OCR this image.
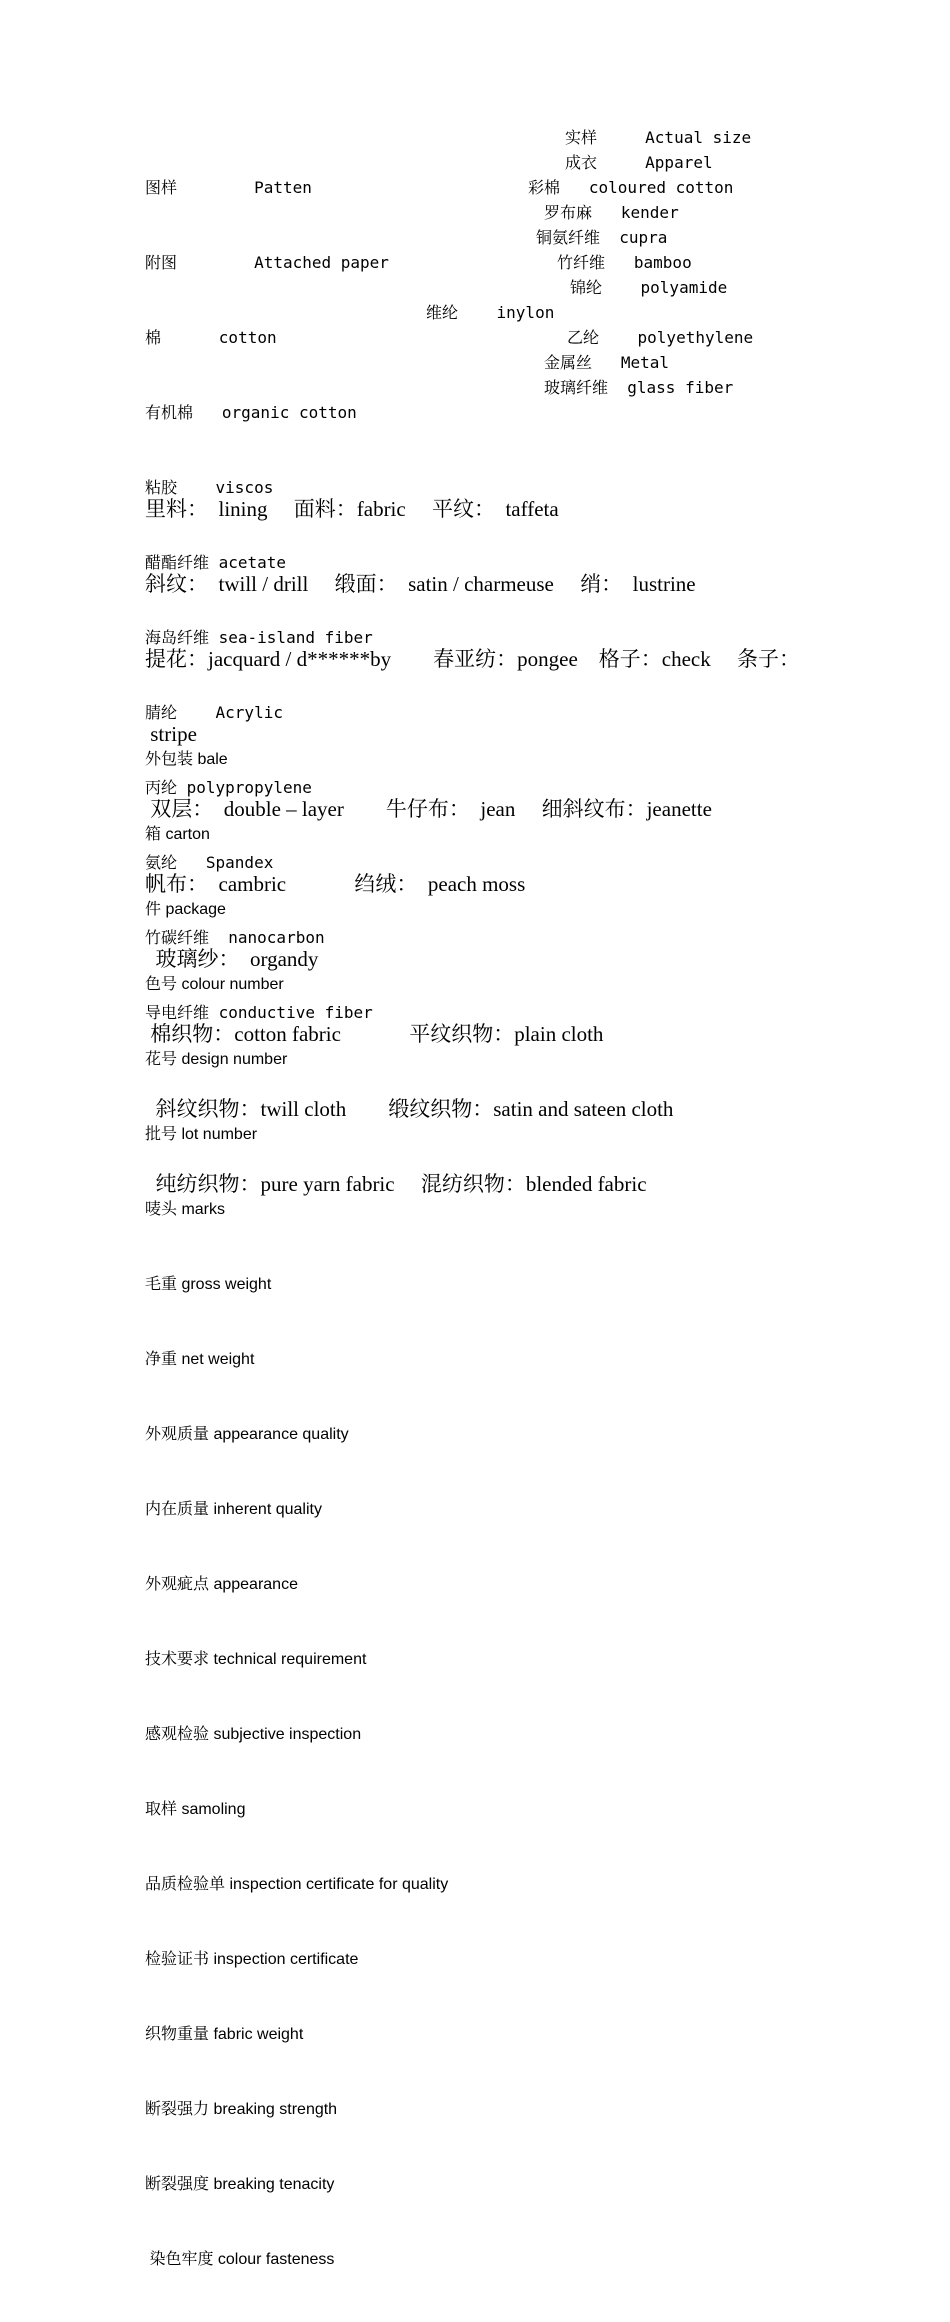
图样        Patten

附图        Attached paper

棉      cotton

有机棉   organic cotton

粘胶    viscos

醋酯纤维 acetate

海岛纤维 sea-island fiber

腈纶    Acrylic

丙纶 polypropylene

氨纶   Spandex

竹碳纤维  nanocarbon

导电纤维 conductive fiber

实样     Actual size
成衣     Apparel
彩棉   coloured cotton
罗布麻   kender
铜氨纤维  cupra
竹纤维   bamboo
锦纶    polyamide
维纶    inylon
乙纶    polyethylene
金属丝   Metal
玻璃纤维  glass fiber

里料：  lining     面料：fabric     平纹：  taffeta

斜纹：  twill / drill     缎面：  satin / charmeuse     绡：  lustrine

提花：jacquard / d******by        春亚纺：pongee    格子：check     条子：

stripe

双层：  double – layer        牛仔布：  jean     细斜纹布：jeanette

帆布：  cambric             绉绒：  peach moss

玻璃纱：  organdy

棉织物：cotton fabric             平纹织物：plain cloth

斜纹织物：twill cloth        缎纹织物：satin and sateen cloth

纯纺织物：pure yarn fabric     混纺织物：blended fabric

外包装 bale

箱 carton

件 package

色号 colour number

花号 design number

批号 lot number

唛头 marks

毛重 gross weight

净重 net weight

外观质量 appearance quality

内在质量 inherent quality

外观疵点 appearance

技术要求 technical requirement

感观检验 subjective inspection

取样 samoling

品质检验单 inspection certificate for quality

检验证书 inspection certificate

织物重量 fabric weight

断裂强力 breaking strength

断裂强度 breaking tenacity

染色牢度 colour fasteness
